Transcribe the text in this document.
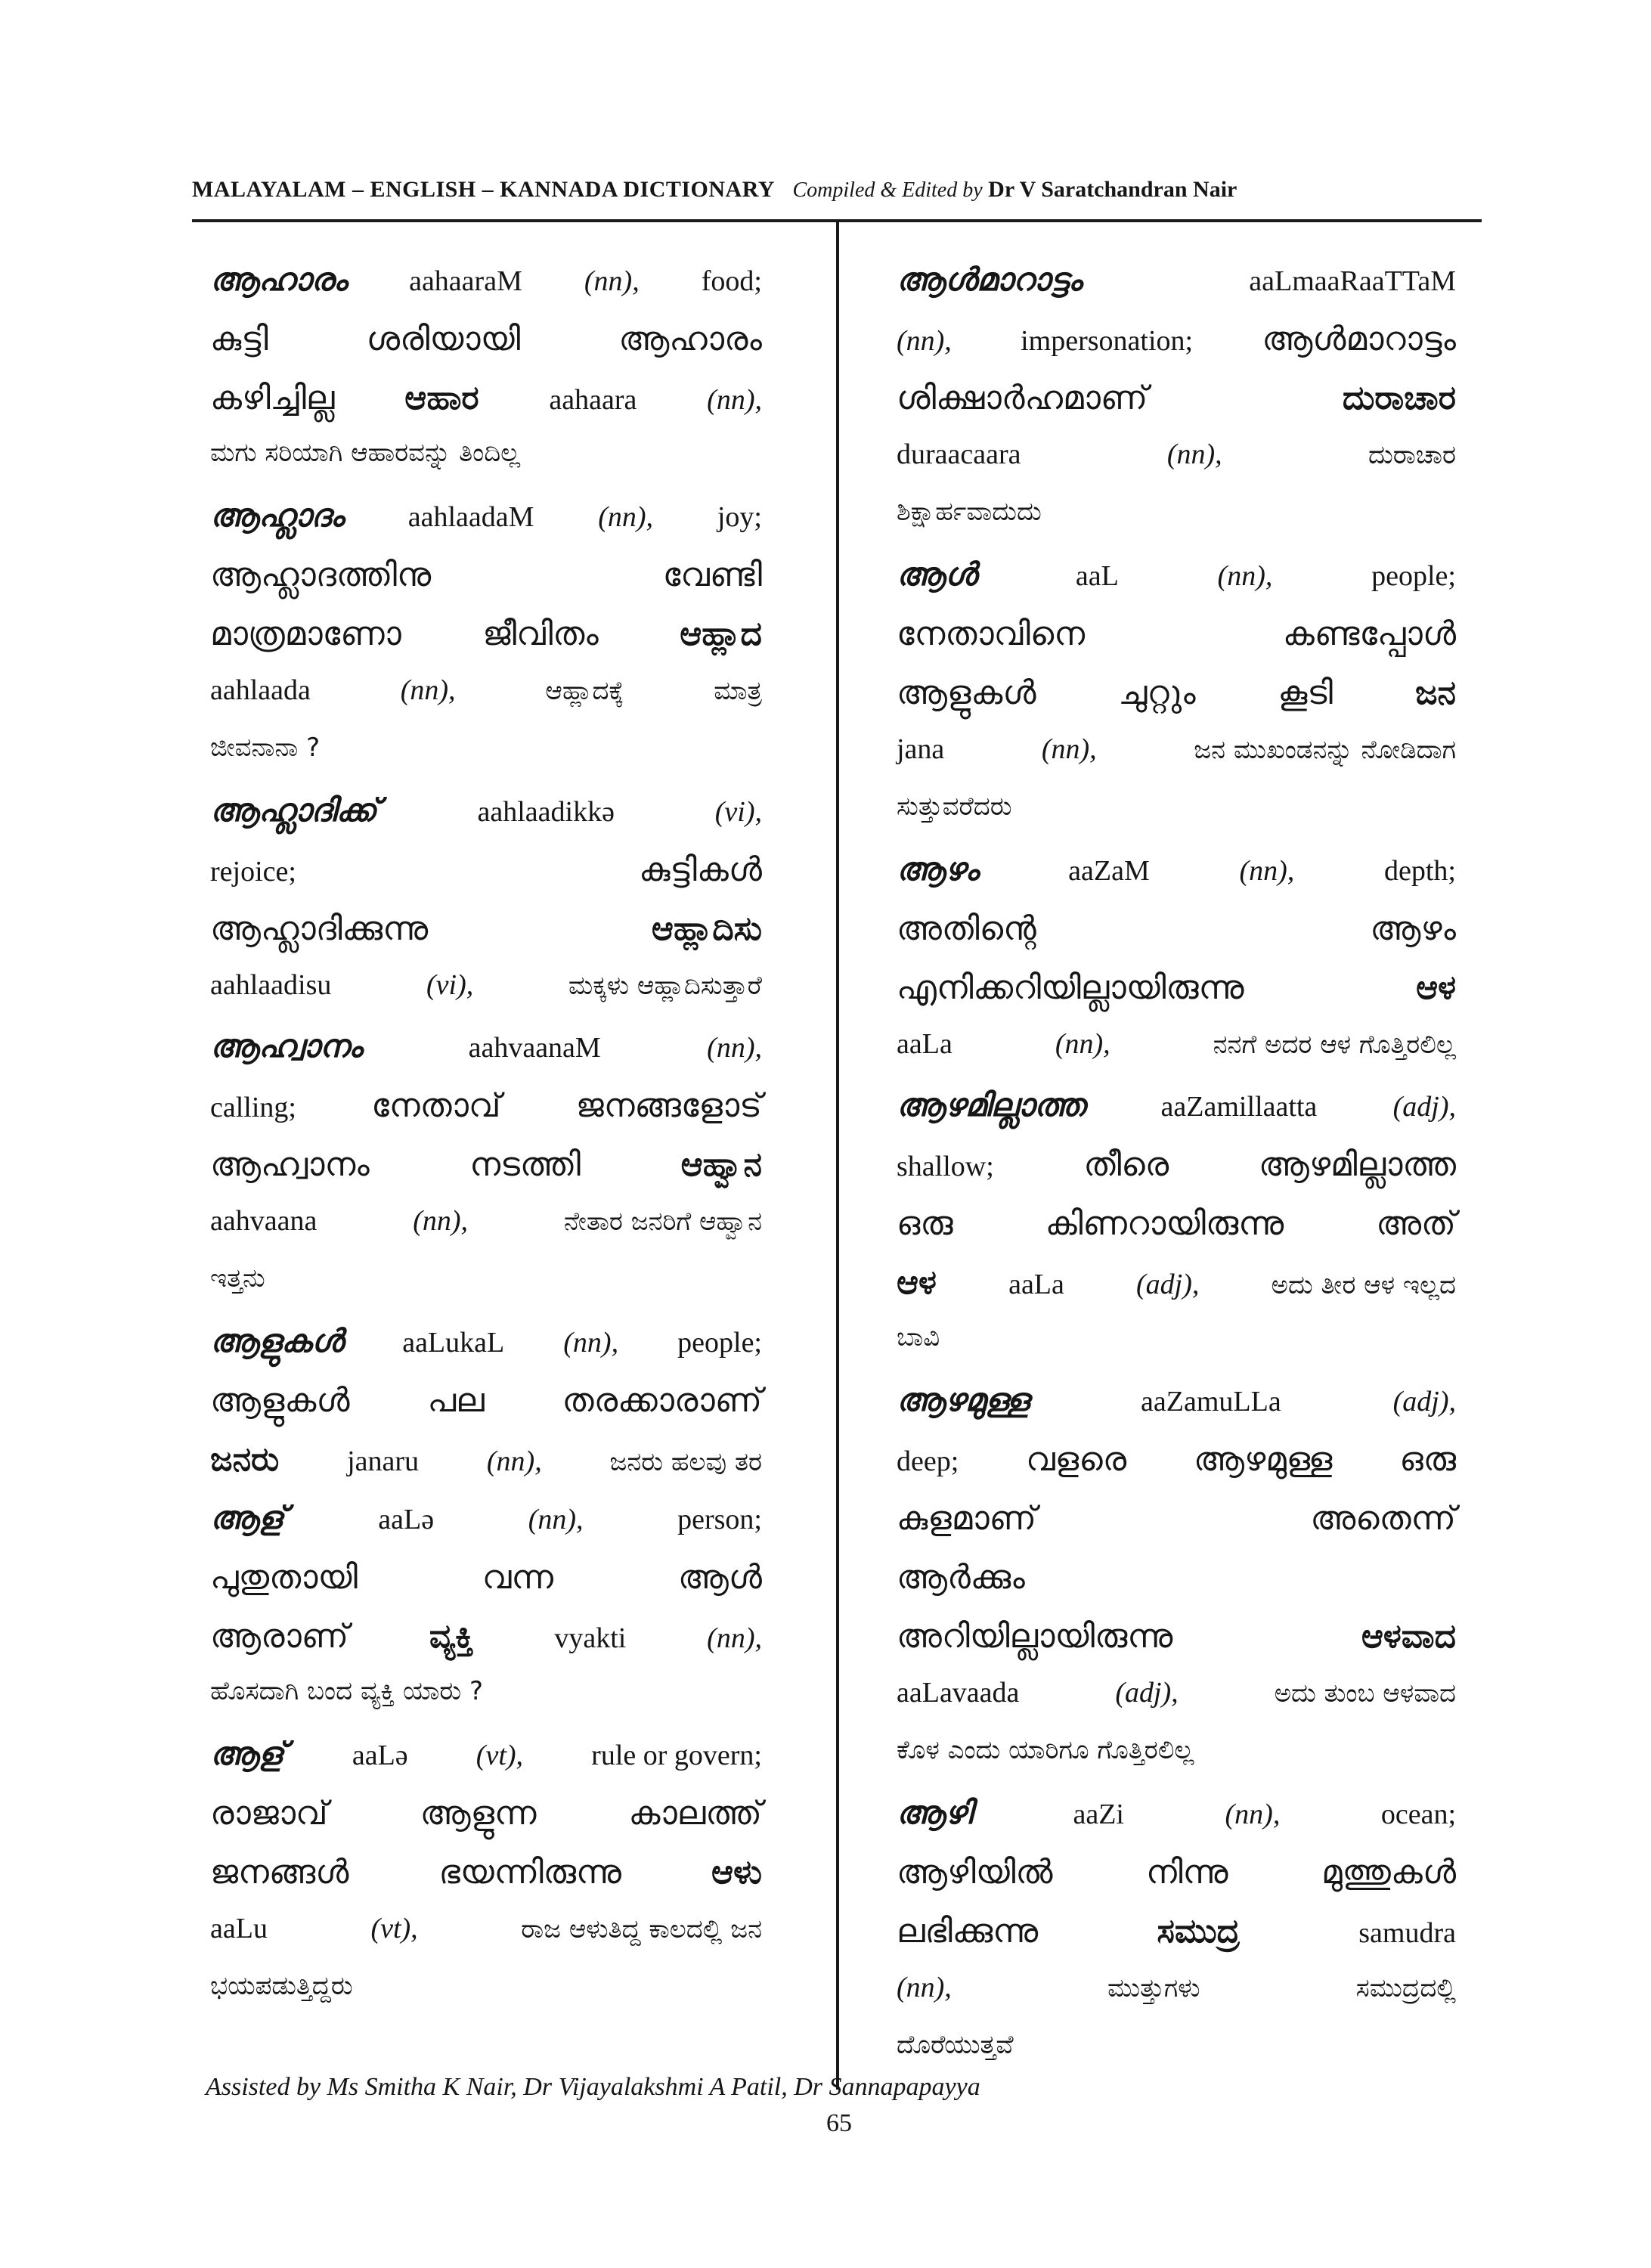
MALAYALAM – ENGLISH – KANNADA DICTIONARY Compiled & Edited by Dr V Saratchandran Nair
ആഹാരം aahaaraM (nn), food;
കുട്ടി	ശരിയായി	ആഹാരം
കഴിച്ചില്ല ಆಹಾರ aahaara (nn),
ಮಗು ಸರಿಯಾಗಿ ಆಹಾರವನ್ನು ತಿಂದಿಲ್ಲ
ആഹ്ലാദം aahlaadaM (nn), joy;
ആഹ്ലാദത്തിനു	വേണ്ടി
മാത്രമാണോ ജീവിതം ಆಹ್ಲಾದ
aahlaada	(nn),	ಆಹ್ಲಾದಕ್ಕೆ	ಮಾತ್ರ
ಜೀವನಾನಾ ?
ആഹ്ലാദിക്ക്	aahlaadikkə	(vi),
rejoice;	കുട്ടികൾ
ആഹ്ലാദിക്കുന്നു	ಆಹ್ಲಾದಿಸು
aahlaadisu	(vi),	ಮಕ್ಕಳು ಆಹ್ಲಾದಿಸುತ್ತಾರೆ
ആഹ്വാനം	aahvaanaM	(nn),
calling; നേതാവ് ജനങ്ങളോട്
ആഹ്വാനം	നടത്തി	ಆಹ್ವಾನ
aahvaana	(nn),	ನೇತಾರ ಜನರಿಗೆ ಆಹ್ವಾನ
ಇತ್ತನು
ആളുകൾ aaLukaL (nn), people;
ആളുകൾ പല തരക്കാരാണ്
ಜನರು janaru (nn),	ಜನರು ಹಲವು ತರ
ആള്	aaLə	(nn),	person;
പുതുതായി	വന്ന	ആൾ
ആരാണ് ವ್ಯಕ್ತಿ	vyakti	(nn),
ಹೊಸದಾಗಿ ಬಂದ ವ್ಯಕ್ತಿ ಯಾರು ?
ആള് aaLə (vt), rule or govern;
രാജാവ്	ആളുന്ന	കാലത്ത്
ജനങ്ങൾ	ഭയന്നിരുന്നു	ಆಳು
aaLu	(vt),	ರಾಜ ಆಳುತಿದ್ದ ಕಾಲದಲ್ಲಿ ಜನ
ಭಯಪಡುತ್ತಿದ್ದರು
ആൾമാറാട്ടം	aaLmaaRaaTTaM
(nn), impersonation; ആൾമാറാട്ടം
ശിക്ഷാർഹമാണ്	ದುರಾಚಾರ
duraacaara	(nn),	ದುರಾಚಾರ
ಶಿಕ್ಷಾರ್ಹವಾದುದು
ആൾ	aaL	(nn),	people;
നേതാവിനെ	കണ്ടപ്പോൾ
ആളുകൾ ചുറ്റും കൂടി ಜನ
jana	(nn),	ಜನ ಮುಖಂಡನನ್ನು ನೋಡಿದಾಗ
ಸುತ್ತುವರೆದರು
ആഴം	aaZaM	(nn),	depth;
അതിന്റെ	ആഴം
എനിക്കറിയില്ലായിരുന്നു	ಆಳ
aaLa	(nn),	ನನಗೆ ಅದರ ಆಳ ಗೊತ್ತಿರಲಿಲ್ಲ
ആഴമില്ലാത്ത	aaZamillaatta	(adj),
shallow;	തീരെ	ആഴമില്ലാത്ത
ഒരു	കിണറായിരുന്നു	അത്
ಆಳ	aaLa	(adj),	ಅದು ತೀರ ಆಳ ಇಲ್ಲದ
ಬಾವಿ
ആഴമുള്ള	aaZamuLLa	(adj),
deep; വളരെ ആഴമുള്ള ഒരു
കുളമാണ്	അതെന്ന്
ആർക്കും
അറിയില്ലായിരുന്നു	ಆಳವಾದ
aaLavaada	(adj),	ಅದು ತುಂಬ ಆಳವಾದ
ಕೊಳ ಎಂದು ಯಾರಿಗೂ ಗೊತ್ತಿರಲಿಲ್ಲ
ആഴി	aaZi	(nn),	ocean;
ആഴിയിൽ	നിന്നു	മുത്തുകൾ
ലഭിക്കുന്നു	ಸಮುದ್ರ	samudra
(nn),	ಮುತ್ತುಗಳು	ಸಮುದ್ರದಲ್ಲಿ
ದೊರೆಯುತ್ತವೆ
Assisted by Ms Smitha K Nair, Dr Vijayalakshmi A Patil, Dr Sannapapayya
65
